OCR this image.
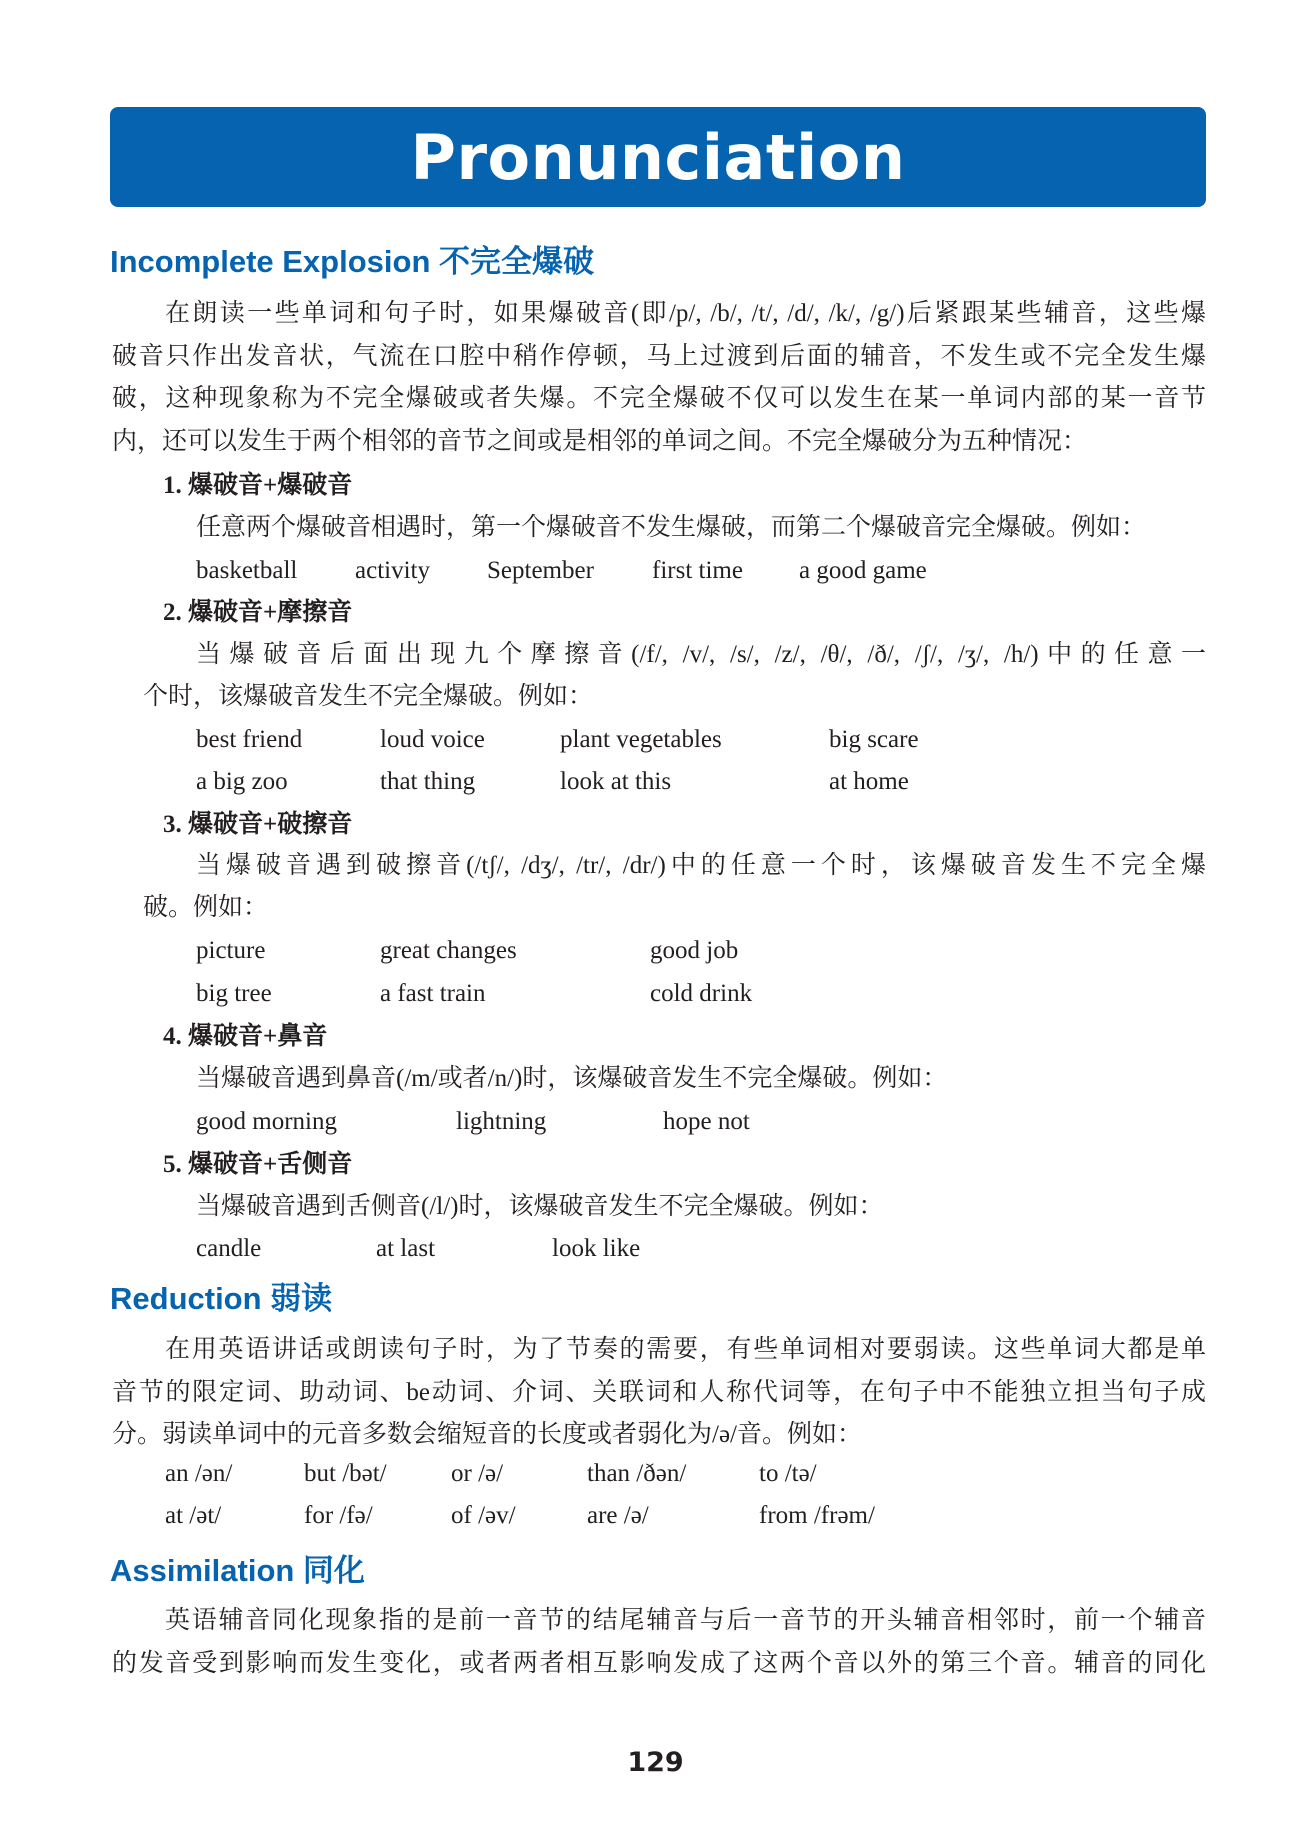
Pronunciation
Incomplete Explosion 不完全爆破
在朗读一些单词和句子时，如果爆破音(即/p/, /b/, /t/, /d/, /k/, /g/)后紧跟某些辅音，这些爆
破音只作出发音状，气流在口腔中稍作停顿，马上过渡到后面的辅音，不发生或不完全发生爆
破，这种现象称为不完全爆破或者失爆。不完全爆破不仅可以发生在某一单词内部的某一音节
内，还可以发生于两个相邻的音节之间或是相邻的单词之间。不完全爆破分为五种情况：
1. 爆破音+爆破音
任意两个爆破音相遇时，第一个爆破音不发生爆破，而第二个爆破音完全爆破。例如：
basketball activity September first time a good game
2. 爆破音+摩擦音
当爆破音后面出现九个摩擦音(/f/, /v/, /s/, /z/, /θ/, /ð/, /ʃ/, /ʒ/, /h/)中的任意一
个时，该爆破音发生不完全爆破。例如：
best friend	loud voice	plant vegetables	big scare
a big zoo	that thing	look at this	at home
3. 爆破音+破擦音
当爆破音遇到破擦音(/tʃ/, /dʒ/, /tr/, /dr/)中的任意一个时，该爆破音发生不完全爆
破。例如：
picture	great changes	good job
big tree	a fast train	cold drink
4. 爆破音+鼻音
当爆破音遇到鼻音(/m/或者/n/)时，该爆破音发生不完全爆破。例如：
good morning	lightning	hope not
5. 爆破音+舌侧音
当爆破音遇到舌侧音(/l/)时，该爆破音发生不完全爆破。例如：
candle	at last	look like
Reduction 弱读
在用英语讲话或朗读句子时，为了节奏的需要，有些单词相对要弱读。这些单词大都是单
音节的限定词、助动词、be动词、介词、关联词和人称代词等，在句子中不能独立担当句子成
分。弱读单词中的元音多数会缩短音的长度或者弱化为/ə/音。例如：
an /ən/	but /bət/	or /ə/	than /ðən/	to /tə/
at /ət/	for /fə/	of /əv/	are /ə/	from /frəm/
Assimilation 同化
英语辅音同化现象指的是前一音节的结尾辅音与后一音节的开头辅音相邻时，前一个辅音
的发音受到影响而发生变化，或者两者相互影响发成了这两个音以外的第三个音。辅音的同化
129
